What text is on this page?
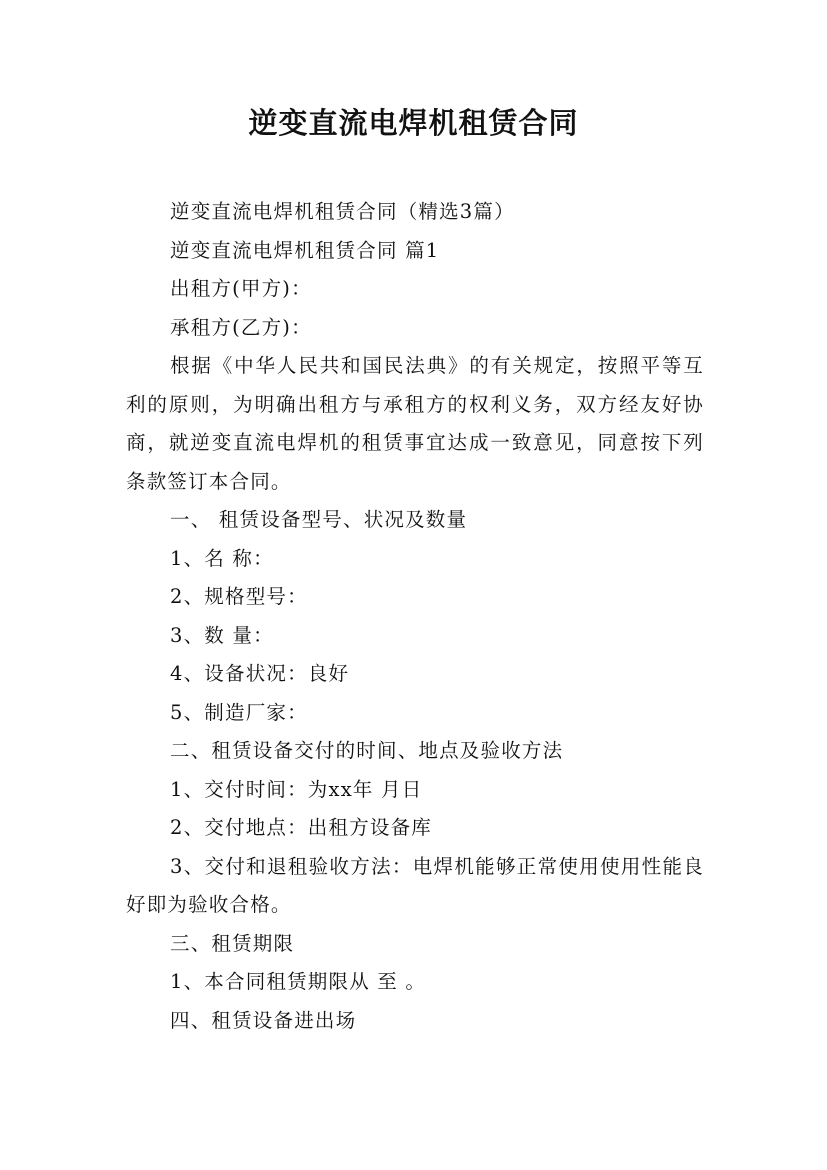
逆变直流电焊机租赁合同

逆变直流电焊机租赁合同（精选3篇）

逆变直流电焊机租赁合同 篇1

出租方(甲方)：

承租方(乙方)：

根据《中华人民共和国民法典》的有关规定，按照平等互利的原则，为明确出租方与承租方的权利义务，双方经友好协商，就逆变直流电焊机的租赁事宜达成一致意见，同意按下列条款签订本合同。

一、 租赁设备型号、状况及数量

1、名 称：

2、规格型号：

3、数 量：

4、设备状况：良好

5、制造厂家：

二、租赁设备交付的时间、地点及验收方法

1、交付时间：为xx年 月日

2、交付地点：出租方设备库

3、交付和退租验收方法：电焊机能够正常使用使用性能良好即为验收合格。

三、租赁期限

1、本合同租赁期限从 至 。

四、租赁设备进出场
